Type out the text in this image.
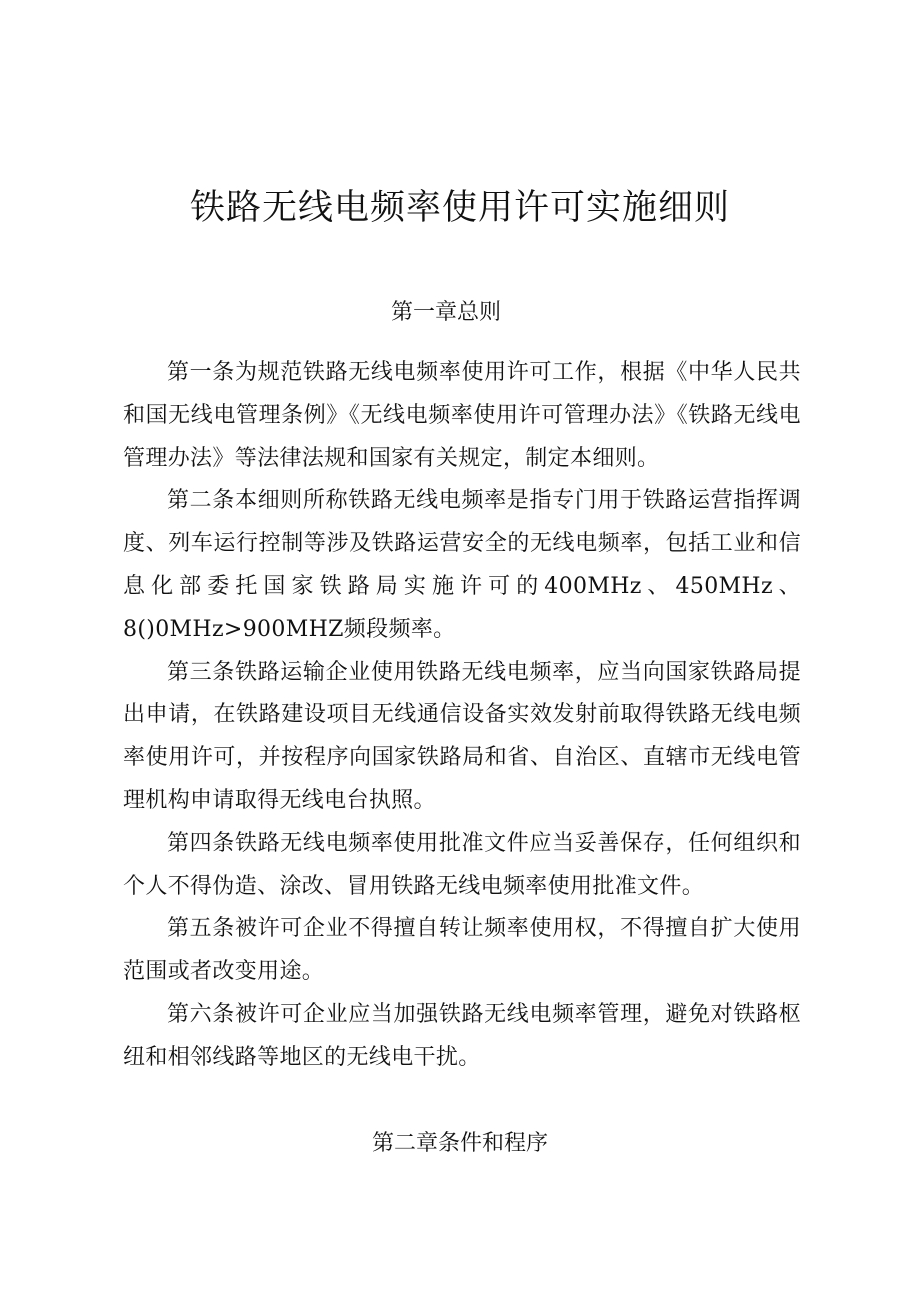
铁路无线电频率使用许可实施细则
第一章总则

第一条为规范铁路无线电频率使用许可工作，根据《中华人民共和国无线电管理条例》《无线电频率使用许可管理办法》《铁路无线电管理办法》等法律法规和国家有关规定，制定本细则。

第二条本细则所称铁路无线电频率是指专门用于铁路运营指挥调度、列车运行控制等涉及铁路运营安全的无线电频率，包括工业和信息化部委托国家铁路局实施许可的400MHz、450MHz、8()0MHz>900MHZ频段频率。

第三条铁路运输企业使用铁路无线电频率，应当向国家铁路局提出申请，在铁路建设项目无线通信设备实效发射前取得铁路无线电频率使用许可，并按程序向国家铁路局和省、自治区、直辖市无线电管理机构申请取得无线电台执照。

第四条铁路无线电频率使用批准文件应当妥善保存，任何组织和个人不得伪造、涂改、冒用铁路无线电频率使用批准文件。

第五条被许可企业不得擅自转让频率使用权，不得擅自扩大使用范围或者改变用途。

第六条被许可企业应当加强铁路无线电频率管理，避免对铁路枢纽和相邻线路等地区的无线电干扰。

第二章条件和程序
